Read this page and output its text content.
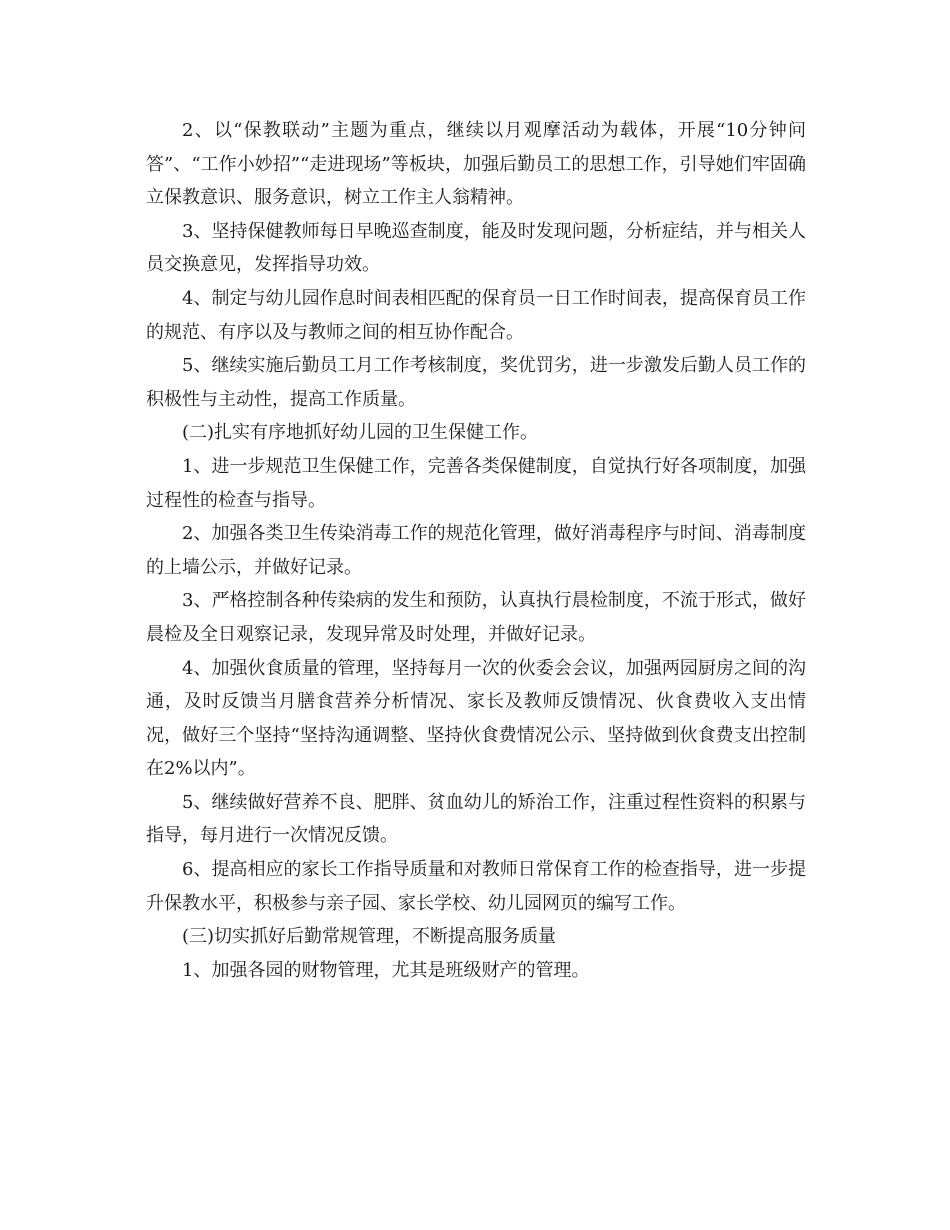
2、以“保教联动”主题为重点，继续以月观摩活动为载体，开展“10分钟问答”、“工作小妙招”“走进现场”等板块，加强后勤员工的思想工作，引导她们牢固确立保教意识、服务意识，树立工作主人翁精神。

3、坚持保健教师每日早晚巡查制度，能及时发现问题，分析症结，并与相关人员交换意见，发挥指导功效。

4、制定与幼儿园作息时间表相匹配的保育员一日工作时间表，提高保育员工作的规范、有序以及与教师之间的相互协作配合。

5、继续实施后勤员工月工作考核制度，奖优罚劣，进一步激发后勤人员工作的积极性与主动性，提高工作质量。

(二)扎实有序地抓好幼儿园的卫生保健工作。

1、进一步规范卫生保健工作，完善各类保健制度，自觉执行好各项制度，加强过程性的检查与指导。

2、加强各类卫生传染消毒工作的规范化管理，做好消毒程序与时间、消毒制度的上墙公示，并做好记录。

3、严格控制各种传染病的发生和预防，认真执行晨检制度，不流于形式，做好晨检及全日观察记录，发现异常及时处理，并做好记录。

4、加强伙食质量的管理，坚持每月一次的伙委会会议，加强两园厨房之间的沟通，及时反馈当月膳食营养分析情况、家长及教师反馈情况、伙食费收入支出情况，做好三个坚持“坚持沟通调整、坚持伙食费情况公示、坚持做到伙食费支出控制在2%以内”。

5、继续做好营养不良、肥胖、贫血幼儿的矫治工作，注重过程性资料的积累与指导，每月进行一次情况反馈。

6、提高相应的家长工作指导质量和对教师日常保育工作的检查指导，进一步提升保教水平，积极参与亲子园、家长学校、幼儿园网页的编写工作。

(三)切实抓好后勤常规管理，不断提高服务质量

1、加强各园的财物管理，尤其是班级财产的管理。
